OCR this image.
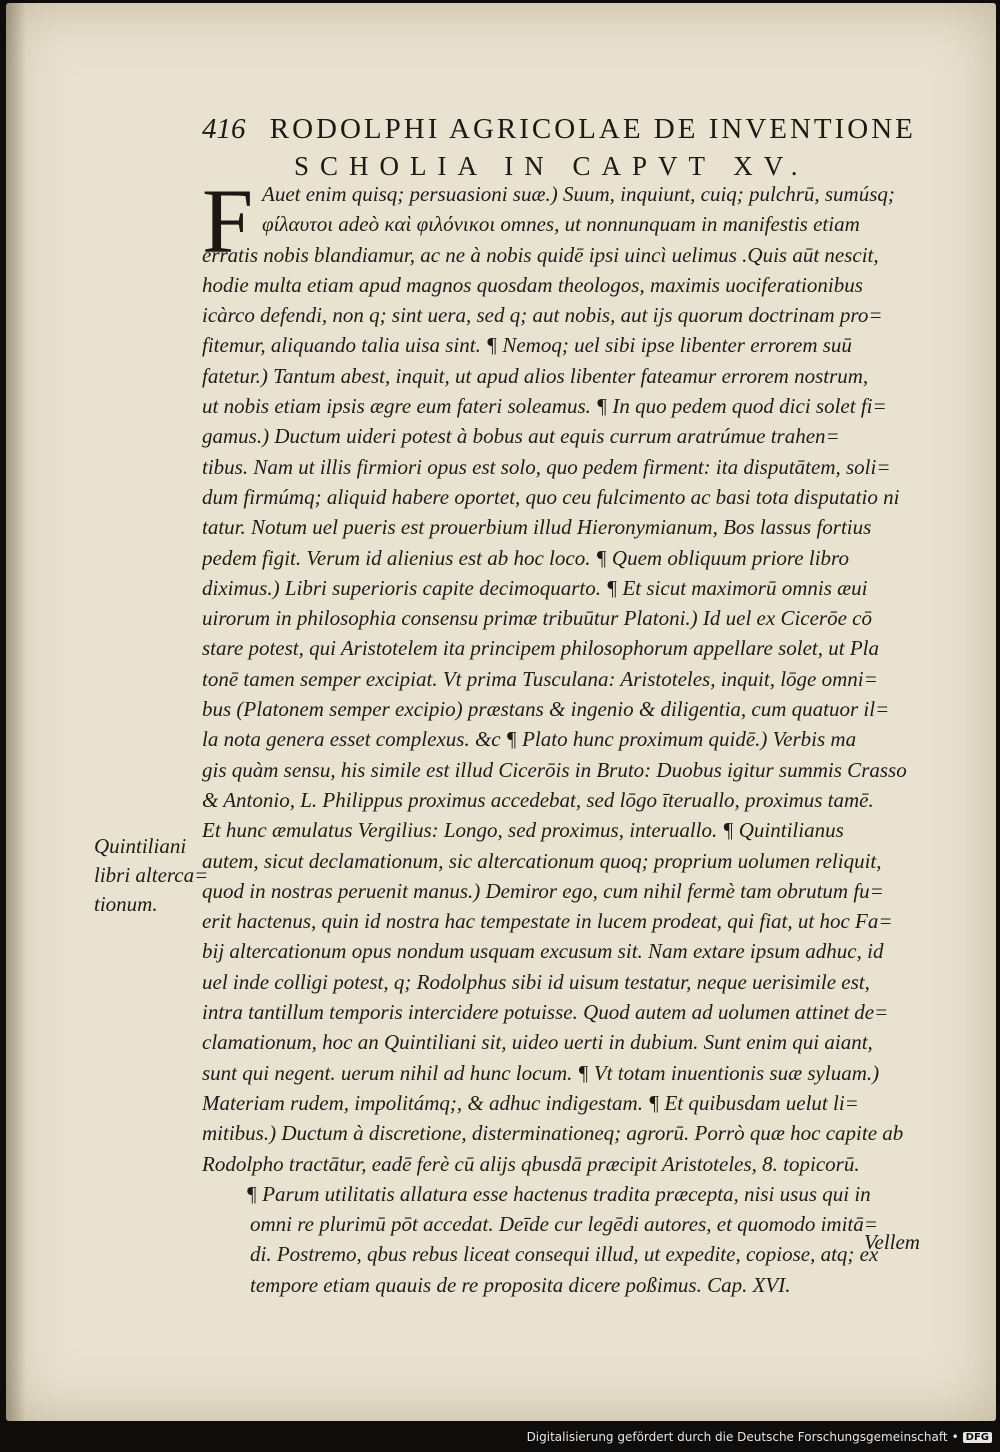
416 RODOLPHI AGRICOLAE DE INVENTIONE
SCHOLIA IN CAPVT XV.
F Auet enim quisq; persuasioni suæ.) Suum, inquiunt, cuiq; pulchrū, sumúsq;
φίλαυτοι adeò καὶ φιλόνικοι omnes, ut nonnunquam in manifestis etiam
erratis nobis blandiamur, ac ne à nobis quidē ipsi uincì uelimus .Quis aūt nescit,
hodie multa etiam apud magnos quosdam theologos, maximis uociferationibus
icàrco defendi, non q; sint uera, sed q; aut nobis, aut ijs quorum doctrinam pro=
fitemur, aliquando talia uisa sint. ¶ Nemoq; uel sibi ipse libenter errorem suū
fatetur.) Tantum abest, inquit, ut apud alios libenter fateamur errorem nostrum,
ut nobis etiam ipsis ægre eum fateri soleamus. ¶ In quo pedem quod dici solet fi=
gamus.) Ductum uideri potest à bobus aut equis currum aratrúmue trahen=
tibus. Nam ut illis firmiori opus est solo, quo pedem firment: ita disputātem, soli=
dum firmúmq; aliquid habere oportet, quo ceu fulcimento ac basi tota disputatio ni
tatur. Notum uel pueris est prouerbium illud Hieronymianum, Bos lassus fortius
pedem figit. Verum id alienius est ab hoc loco. ¶ Quem obliquum priore libro
diximus.) Libri superioris capite decimoquarto. ¶ Et sicut maximorū omnis æui
uirorum in philosophia consensu primæ tribuūtur Platoni.) Id uel ex Cicerōe cō
stare potest, qui Aristotelem ita principem philosophorum appellare solet, ut Pla
tonē tamen semper excipiat. Vt prima Tusculana: Aristoteles, inquit, lōge omni=
bus (Platonem semper excipio) præstans & ingenio & diligentia, cum quatuor il=
la nota genera esset complexus. &c ¶ Plato hunc proximum quidē.) Verbis ma
gis quàm sensu, his simile est illud Cicerōis in Bruto: Duobus igitur summis Crasso
& Antonio, L. Philippus proximus accedebat, sed lōgo īteruallo, proximus tamē.
Et hunc æmulatus Vergilius: Longo, sed proximus, interuallo. ¶ Quintilianus
autem, sicut declamationum, sic altercationum quoq; proprium uolumen reliquit,
quod in nostras peruenit manus.) Demiror ego, cum nihil fermè tam obrutum fu=
erit hactenus, quin id nostra hac tempestate in lucem prodeat, qui fiat, ut hoc Fa=
bij altercationum opus nondum usquam excusum sit. Nam extare ipsum adhuc, id
uel inde colligi potest, q; Rodolphus sibi id uisum testatur, neque uerisimile est,
intra tantillum temporis intercidere potuisse. Quod autem ad uolumen attinet de=
clamationum, hoc an Quintiliani sit, uideo uerti in dubium. Sunt enim qui aiant,
sunt qui negent. uerum nihil ad hunc locum. ¶ Vt totam inuentionis suæ syluam.)
Materiam rudem, impolitámq;, & adhuc indigestam. ¶ Et quibusdam uelut li=
mitibus.) Ductum à discretione, disterminationeq; agrorū. Porrò quæ hoc capite ab
Rodolpho tractātur, eadē ferè cū alijs qbusdā præcipit Aristoteles, 8. topicorū.
¶ Parum utilitatis allatura esse hactenus tradita præcepta, nisi usus qui in
omni re plurimū pōt accedat. Deīde cur legēdi autores, et quomodo imitā=
di. Postremo, qbus rebus liceat consequi illud, ut expedite, copiose, atq; ex
tempore etiam quauis de re proposita dicere poßimus. Cap. XVI.
Quintiliani
libri alterca=
tionum.
Vellem
Digitalisierung gefördert durch die Deutsche Forschungsgemeinschaft • DFG
